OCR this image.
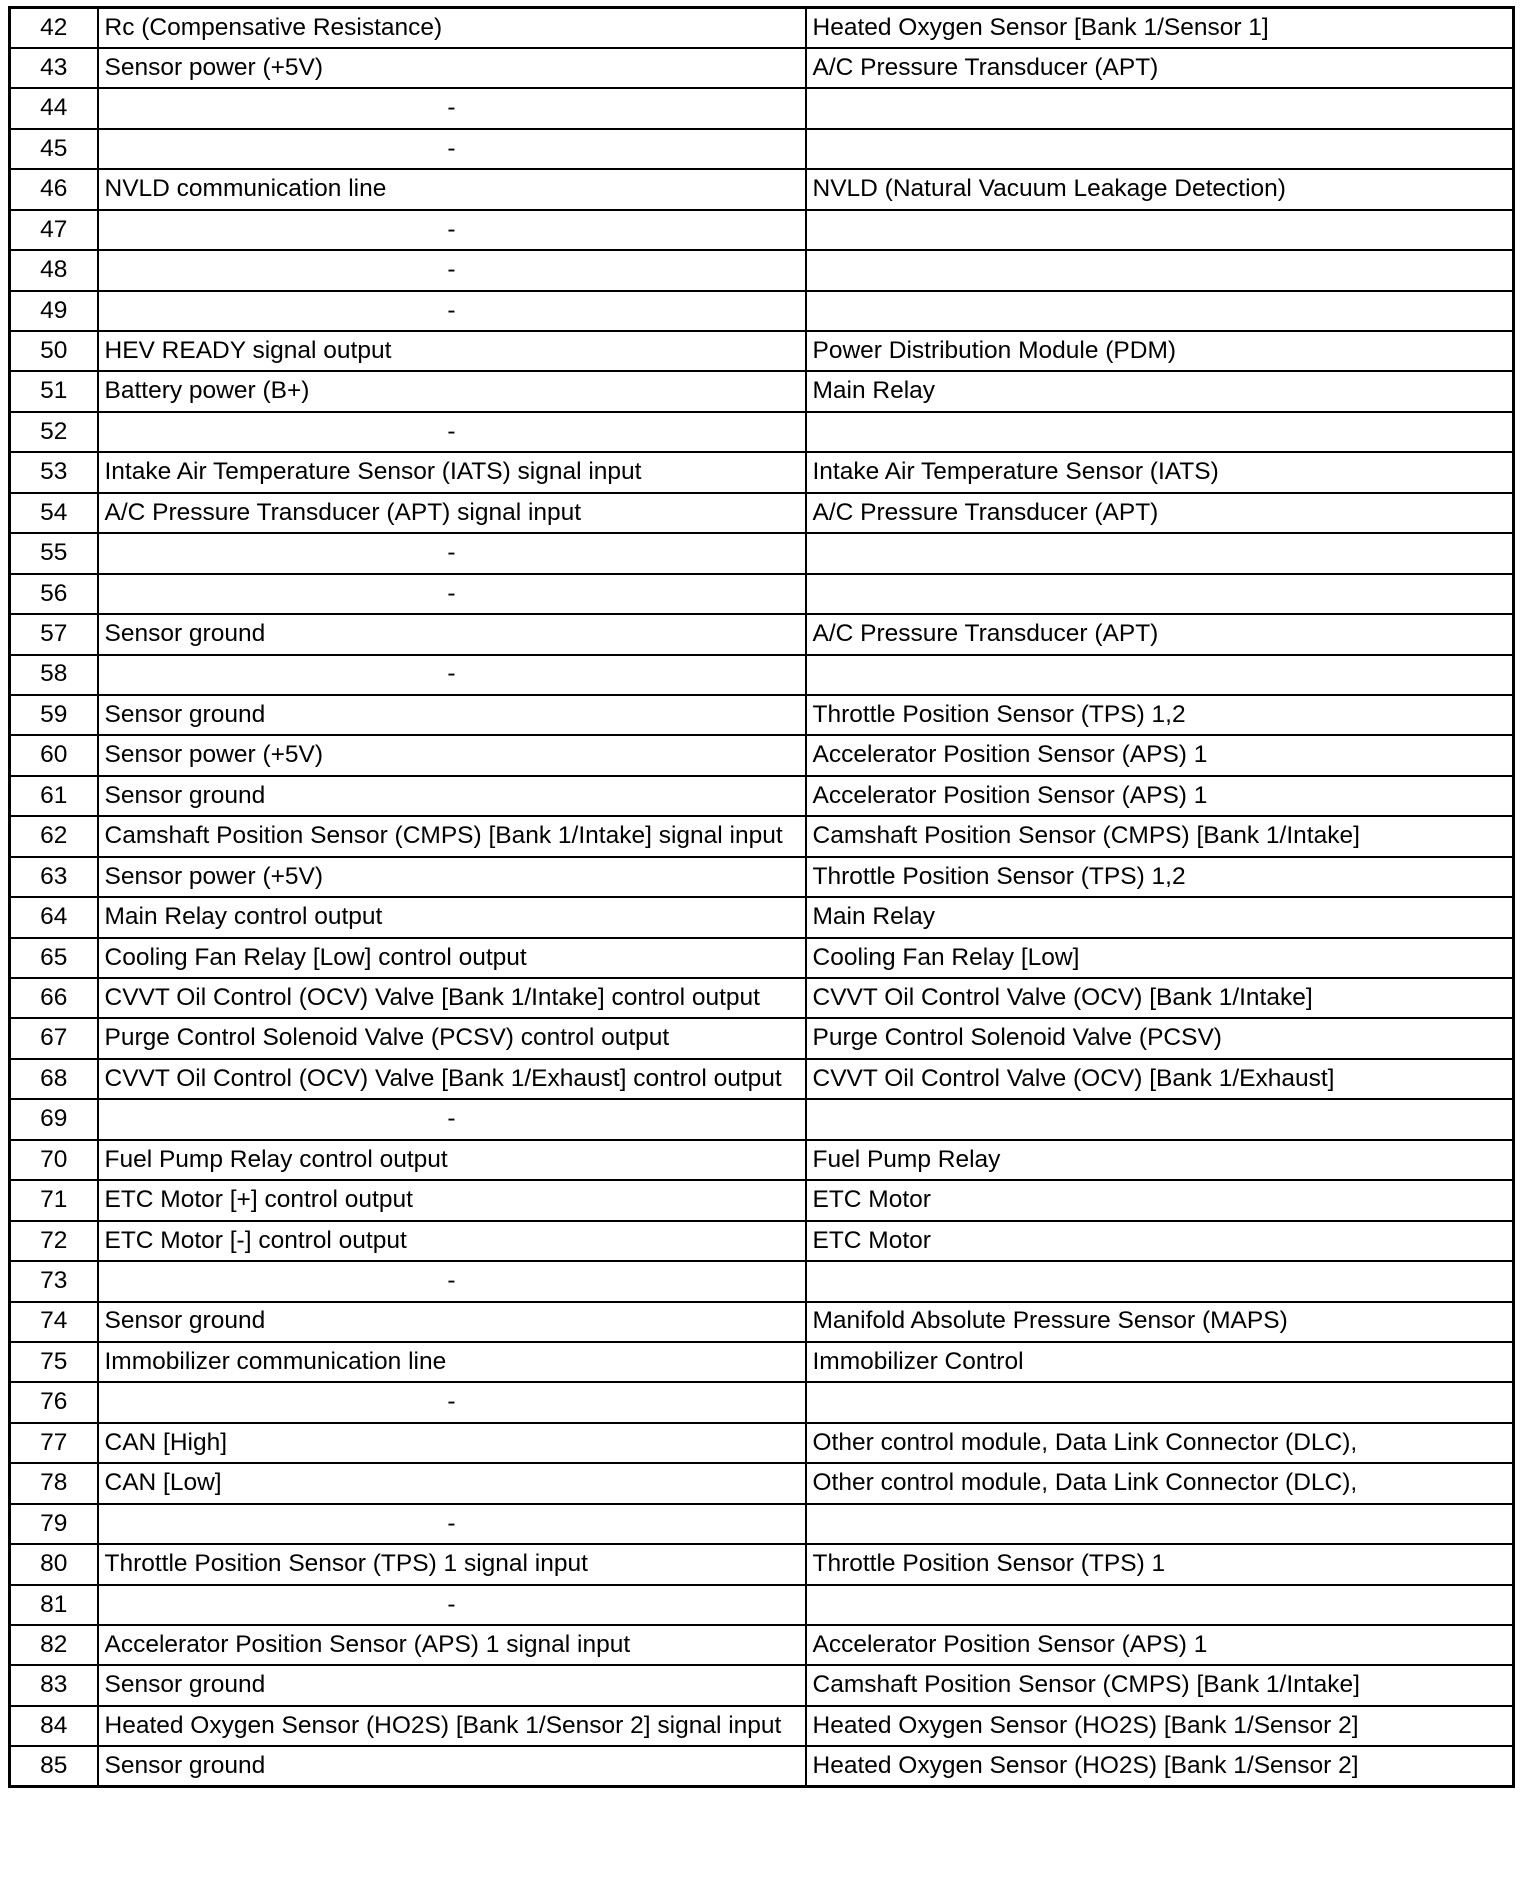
42	Rc (Compensative Resistance)	Heated Oxygen Sensor [Bank 1/Sensor 1]
43	Sensor power (+5V)	A/C Pressure Transducer (APT)
44	-	
45	-	
46	NVLD communication line	NVLD (Natural Vacuum Leakage Detection)
47	-	
48	-	
49	-	
50	HEV READY signal output	Power Distribution Module (PDM)
51	Battery power (B+)	Main Relay
52	-	
53	Intake Air Temperature Sensor (IATS) signal input	Intake Air Temperature Sensor (IATS)
54	A/C Pressure Transducer (APT) signal input	A/C Pressure Transducer (APT)
55	-	
56	-	
57	Sensor ground	A/C Pressure Transducer (APT)
58	-	
59	Sensor ground	Throttle Position Sensor (TPS) 1,2
60	Sensor power (+5V)	Accelerator Position Sensor (APS) 1
61	Sensor ground	Accelerator Position Sensor (APS) 1
62	Camshaft Position Sensor (CMPS) [Bank 1/Intake] signal input	Camshaft Position Sensor (CMPS) [Bank 1/Intake]
63	Sensor power (+5V)	Throttle Position Sensor (TPS) 1,2
64	Main Relay control output	Main Relay
65	Cooling Fan Relay [Low] control output	Cooling Fan Relay [Low]
66	CVVT Oil Control (OCV) Valve [Bank 1/Intake] control output	CVVT Oil Control Valve (OCV) [Bank 1/Intake]
67	Purge Control Solenoid Valve (PCSV) control output	Purge Control Solenoid Valve (PCSV)
68	CVVT Oil Control (OCV) Valve [Bank 1/Exhaust] control output	CVVT Oil Control Valve (OCV) [Bank 1/Exhaust]
69	-	
70	Fuel Pump Relay control output	Fuel Pump Relay
71	ETC Motor [+] control output	ETC Motor
72	ETC Motor [-] control output	ETC Motor
73	-	
74	Sensor ground	Manifold Absolute Pressure Sensor (MAPS)
75	Immobilizer communication line	Immobilizer Control
76	-	
77	CAN [High]	Other control module, Data Link Connector (DLC),
78	CAN [Low]	Other control module, Data Link Connector (DLC),
79	-	
80	Throttle Position Sensor (TPS) 1 signal input	Throttle Position Sensor (TPS) 1
81	-	
82	Accelerator Position Sensor (APS) 1 signal input	Accelerator Position Sensor (APS) 1
83	Sensor ground	Camshaft Position Sensor (CMPS) [Bank 1/Intake]
84	Heated Oxygen Sensor (HO2S) [Bank 1/Sensor 2] signal input	Heated Oxygen Sensor (HO2S) [Bank 1/Sensor 2]
85	Sensor ground	Heated Oxygen Sensor (HO2S) [Bank 1/Sensor 2]
